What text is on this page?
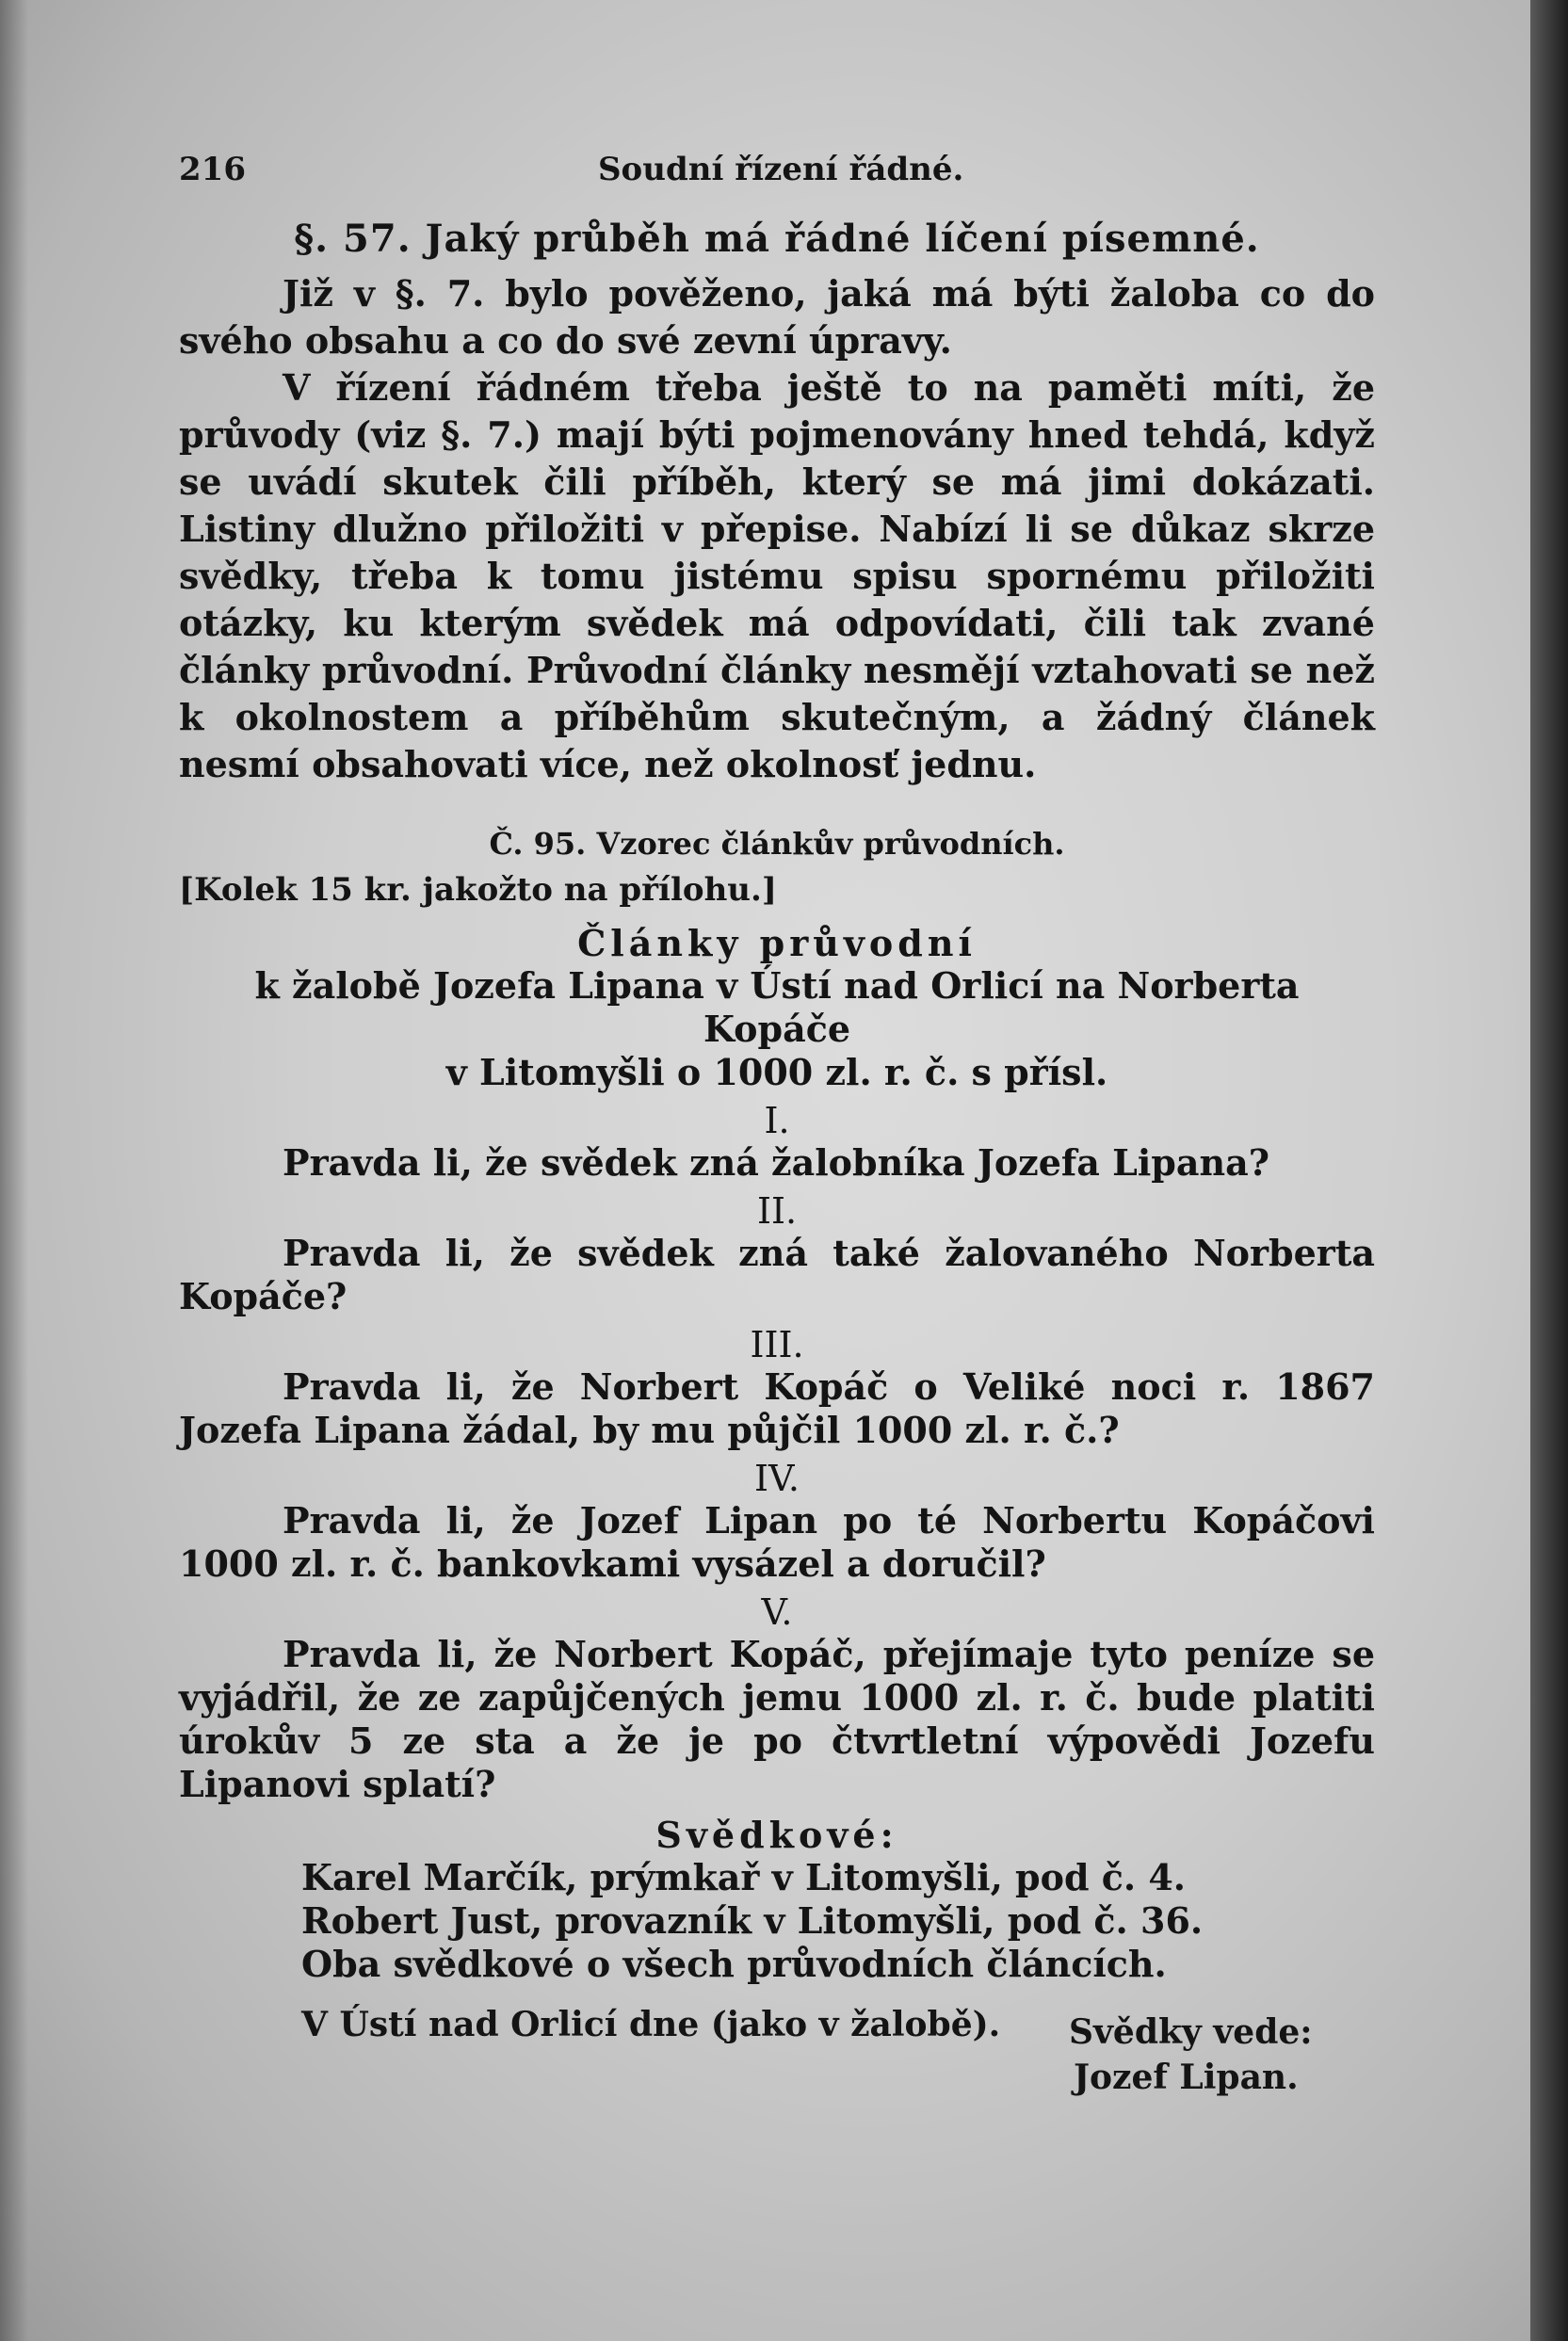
216	Soudní řízení řádné.
§. 57. Jaký průběh má řádné líčení písemné.

Již v §. 7. bylo pověženo, jaká má býti žaloba co do svého obsahu a co do své zevní úpravy.

V řízení řádném třeba ještě to na paměti míti, že průvody (viz §. 7.) mají býti pojmenovány hned tehdá, když se uvádí skutek čili příběh, který se má jimi dokázati. Listiny dlužno přiložiti v přepise. Nabízí li se důkaz skrze svědky, třeba k tomu jistému spisu spornému přiložiti otázky, ku kterým svědek má odpovídati, čili tak zvané články průvodní. Průvodní články nesmějí vztahovati se než k okolnostem a příběhům skutečným, a žádný článek nesmí obsahovati více, než okolnosť jednu.

Č. 95. Vzorec článkův průvodních.
[Kolek 15 kr. jakožto na přílohu.]
Články průvodní
k žalobě Jozefa Lipana v Ústí nad Orlicí na Norberta Kopáče
v Litomyšli o 1000 zl. r. č. s přísl.
I.
Pravda li, že svědek zná žalobníka Jozefa Lipana?
II.
Pravda li, že svědek zná také žalovaného Norberta Kopáče?
III.
Pravda li, že Norbert Kopáč o Veliké noci r. 1867 Jozefa Lipana žádal, by mu půjčil 1000 zl. r. č.?
IV.
Pravda li, že Jozef Lipan po té Norbertu Kopáčovi 1000 zl. r. č. bankovkami vysázel a doručil?
V.
Pravda li, že Norbert Kopáč, přejímaje tyto peníze se vyjádřil, že ze zapůjčených jemu 1000 zl. r. č. bude platiti úrokův 5 ze sta a že je po čtvrtletní výpovědi Jozefu Lipanovi splatí?
Svědkové:
Karel Marčík, prýmkař v Litomyšli, pod č. 4.
Robert Just, provazník v Litomyšli, pod č. 36.
Oba svědkové o všech průvodních článcích.
V Ústí nad Orlicí dne (jako v žalobě). Svědky vede:
Jozef Lipan.
